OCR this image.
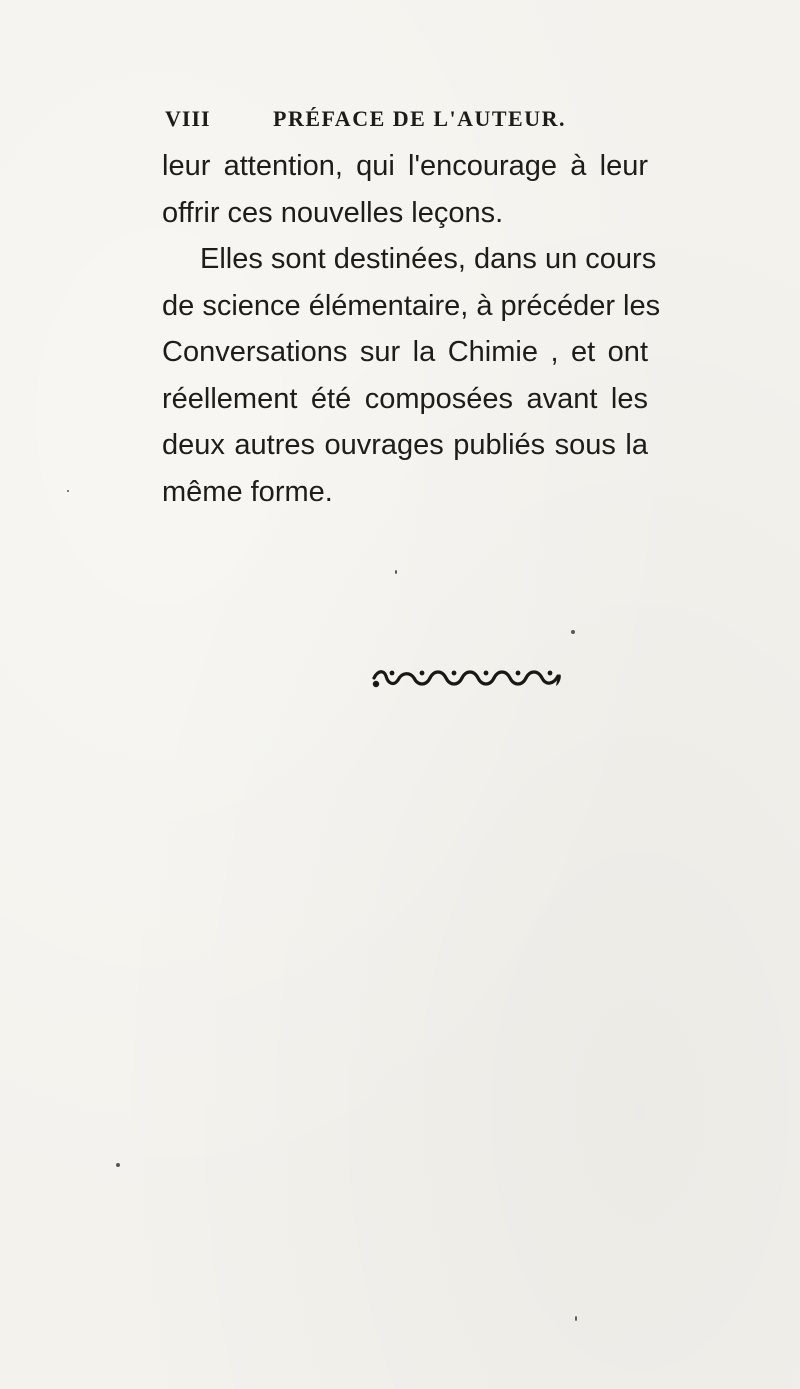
VIII	PRÉFACE DE L'AUTEUR.
leur attention, qui l'encourage à leur
offrir ces nouvelles leçons.
Elles sont destinées, dans un cours
de science élémentaire, à précéder les
Conversations sur la Chimie , et ont
réellement été composées avant les
deux autres ouvrages publiés sous la
même forme.
